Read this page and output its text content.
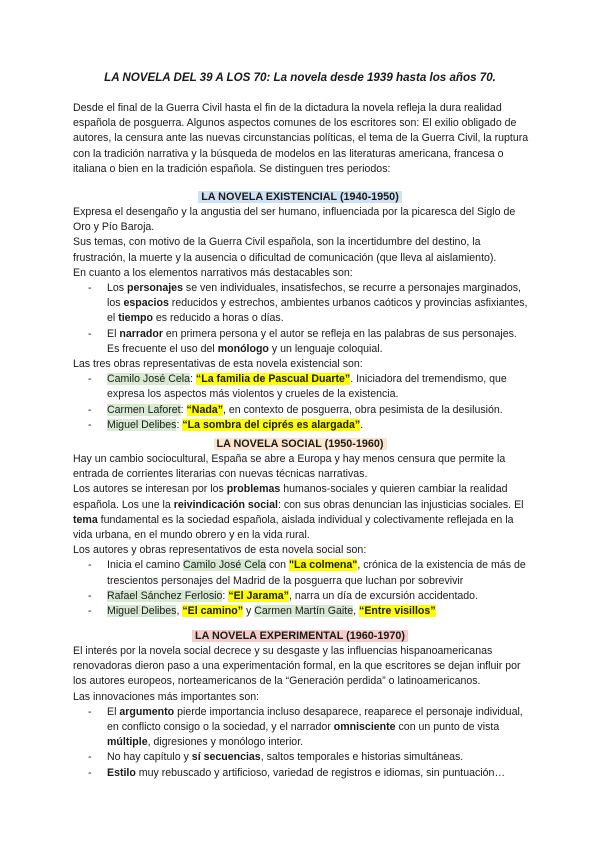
LA NOVELA DEL 39 A LOS 70: La novela desde 1939 hasta los años 70.

Desde el final de la Guerra Civil hasta el fin de la dictadura la novela refleja la dura realidad española de posguerra. Algunos aspectos comunes de los escritores son: El exilio obligado de autores, la censura ante las nuevas circunstancias políticas, el tema de la Guerra Civil, la ruptura con la tradición narrativa y la búsqueda de modelos en las literaturas americana, francesa o italiana o bien en la tradición española. Se distinguen tres periodos:

LA NOVELA EXISTENCIAL (1940-1950)

Expresa el desengaño y la angustia del ser humano, influenciada por la picaresca del Siglo de Oro y Pío Baroja.

Sus temas, con motivo de la Guerra Civil española, son la incertidumbre del destino, la frustración, la muerte y la ausencia o dificultad de comunicación (que lleva al aislamiento).

En cuanto a los elementos narrativos más destacables son:

- Los personajes se ven individuales, insatisfechos, se recurre a personajes marginados, los espacios reducidos y estrechos, ambientes urbanos caóticos y provincias asfixiantes, el tiempo es reducido a horas o días.
- El narrador en primera persona y el autor se refleja en las palabras de sus personajes. Es frecuente el uso del monólogo y un lenguaje coloquial.

Las tres obras representativas de esta novela existencial son:

- Camilo José Cela: “La familia de Pascual Duarte”. Iniciadora del tremendismo, que expresa los aspectos más violentos y crueles de la existencia.
- Carmen Laforet: “Nada”, en contexto de posguerra, obra pesimista de la desilusión.
- Miguel Delibes: “La sombra del ciprés es alargada”.
LA NOVELA SOCIAL (1950-1960)

Hay un cambio sociocultural, España se abre a Europa y hay menos censura que permite la entrada de corrientes literarias con nuevas técnicas narrativas.

Los autores se interesan por los problemas humanos-sociales y quieren cambiar la realidad española. Los une la reivindicación social: con sus obras denuncian las injusticias sociales. El tema fundamental es la sociedad española, aislada individual y colectivamente reflejada en la vida urbana, en el mundo obrero y en la vida rural.

Los autores y obras representativos de esta novela social son:

- Inicia el camino Camilo José Cela con "La colmena", crónica de la existencia de más de trescientos personajes del Madrid de la posguerra que luchan por sobrevivir
- Rafael Sánchez Ferlosio: “El Jarama”, narra un día de excursión accidentado.
- Miguel Delibes, “El camino” y Carmen Martín Gaite, “Entre visillos”
LA NOVELA EXPERIMENTAL (1960-1970)

El interés por la novela social decrece y su desgaste y las influencias hispanoamericanas renovadoras dieron paso a una experimentación formal, en la que escritores se dejan influir por los autores europeos, norteamericanos de la “Generación perdida” o latinoamericanos.

Las innovaciones más importantes son:

- El argumento pierde importancia incluso desaparece, reaparece el personaje individual, en conflicto consigo o la sociedad, y el narrador omnisciente con un punto de vista múltiple, digresiones y monólogo interior.
- No hay capítulo y sí secuencias, saltos temporales e historias simultáneas.
- Estilo muy rebuscado y artificioso, variedad de registros e idiomas, sin puntuación…
